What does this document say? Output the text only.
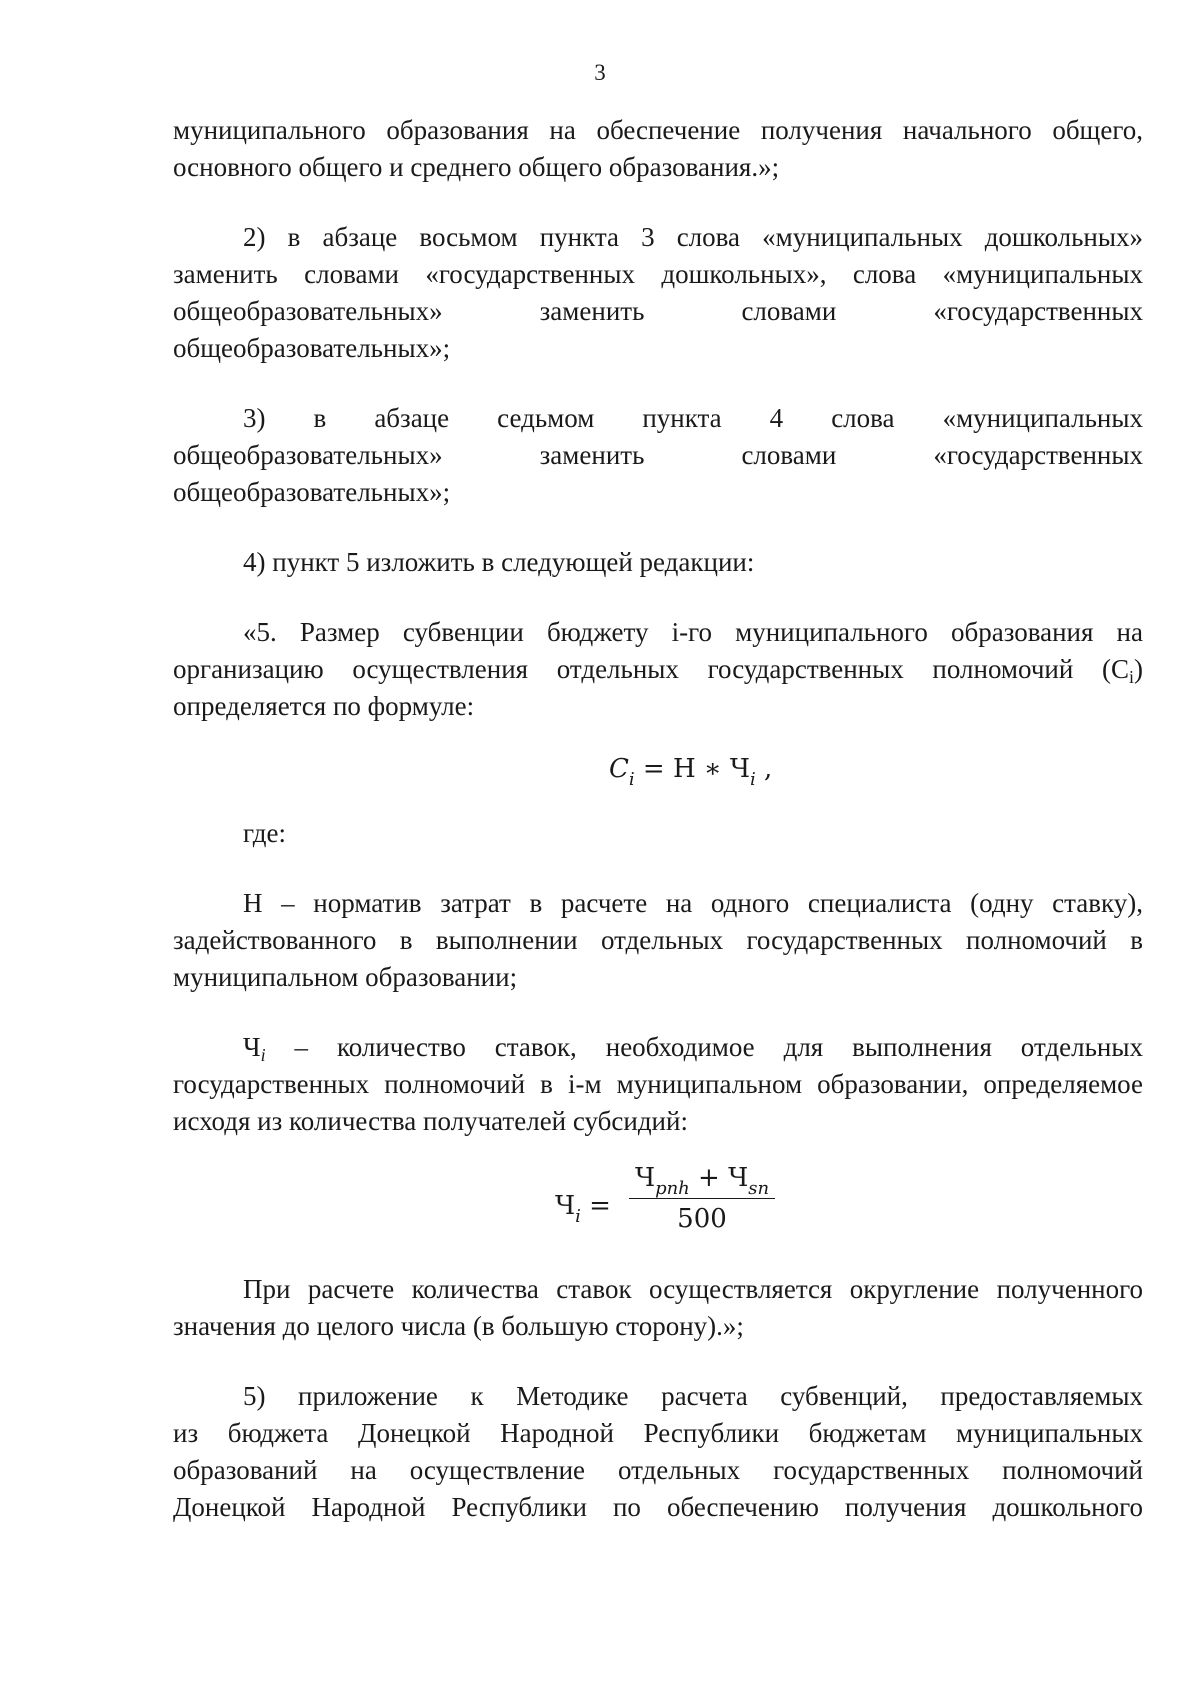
3

муниципального образования на обеспечение получения начального общего, основного общего и среднего общего образования.»;

2) в абзаце восьмом пункта 3 слова «муниципальных дошкольных»

заменить словами «государственных дошкольных», слова «муниципальных

общеобразовательных» заменить словами «государственных

общеобразовательных»;

3) в абзаце седьмом пункта 4 слова «муниципальных

общеобразовательных» заменить словами «государственных

общеобразовательных»;

4) пункт 5 изложить в следующей редакции:

«5. Размер субвенции бюджету i-го муниципального образования на организацию осуществления отдельных государственных полномочий $(C_i)$

определяется по формуле:

$C_i = Н$ ∗ $Ч_i$ ,

где:

Н – норматив затрат в расчете на одного специалиста (одну ставку), задействованного в выполнении отдельных государственных полномочий в муниципальном образовании;

$Ч_i$ – количество ставок, необходимое для выполнения отдельных государственных полномочий в i-м муниципальном образовании, определяемое исходя из количества получателей субсидий:

$Ч_i$ =
$Ч_{pnh} + Ч_{sn}$
500

При расчете количества ставок осуществляется округление полученного значения до целого числа (в большую сторону).»;

5) приложение к Методике расчета субвенций, предоставляемых

из бюджета Донецкой Народной Республики бюджетам муниципальных

образований на осуществление отдельных государственных полномочий

Донецкой Народной Республики по обеспечению получения дошкольного
